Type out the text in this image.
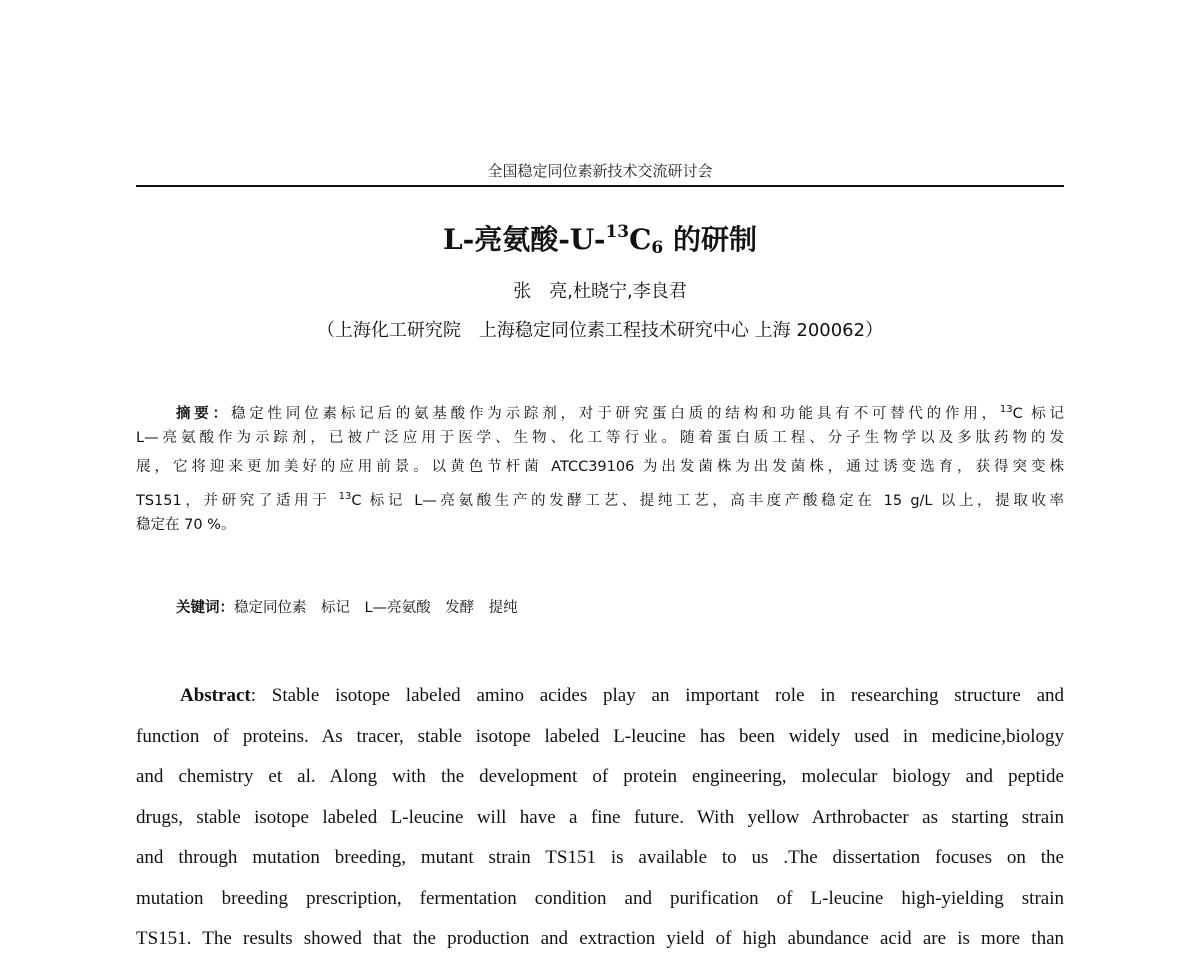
全国稳定同位素新技术交流研讨会
L-亮氨酸$-U-^{13}C_6$ 的研制
张　亮,杜晓宁,李良君
（上海化工研究院　上海稳定同位素工程技术研究中心 上海 200062）
摘要：稳定性同位素标记后的氨基酸作为示踪剂，对于研究蛋白质的结构和功能具有不可替代的作用，$^{13}$C 标记
L—亮氨酸作为示踪剂，已被广泛应用于医学、生物、化工等行业。随着蛋白质工程、分子生物学以及多肽药物的发
展，它将迎来更加美好的应用前景。以黄色节杆菌 ATCC39106 为出发菌株为出发菌株，通过诱变选育，获得突变株
TS151，并研究了适用于 $^{13}$C 标记 L—亮氨酸生产的发酵工艺、提纯工艺，高丰度产酸稳定在 15 g/L 以上，提取收率
稳定在 70 %。
关键词：稳定同位素　标记　L—亮氨酸　发酵　提纯
Abstract: Stable isotope labeled amino acides play an important role in researching structure and
function of proteins. As tracer, stable isotope labeled L-leucine has been widely used in medicine,biology
and chemistry et al. Along with the development of protein engineering, molecular biology and peptide
drugs, stable isotope labeled L-leucine will have a fine future. With yellow Arthrobacter as starting strain
and through mutation breeding, mutant strain TS151 is available to us .The dissertation focuses on the
mutation breeding prescription, fermentation condition and purification of L-leucine high-yielding strain
TS151. The results showed that the production and extraction yield of high abundance acid are is more than
